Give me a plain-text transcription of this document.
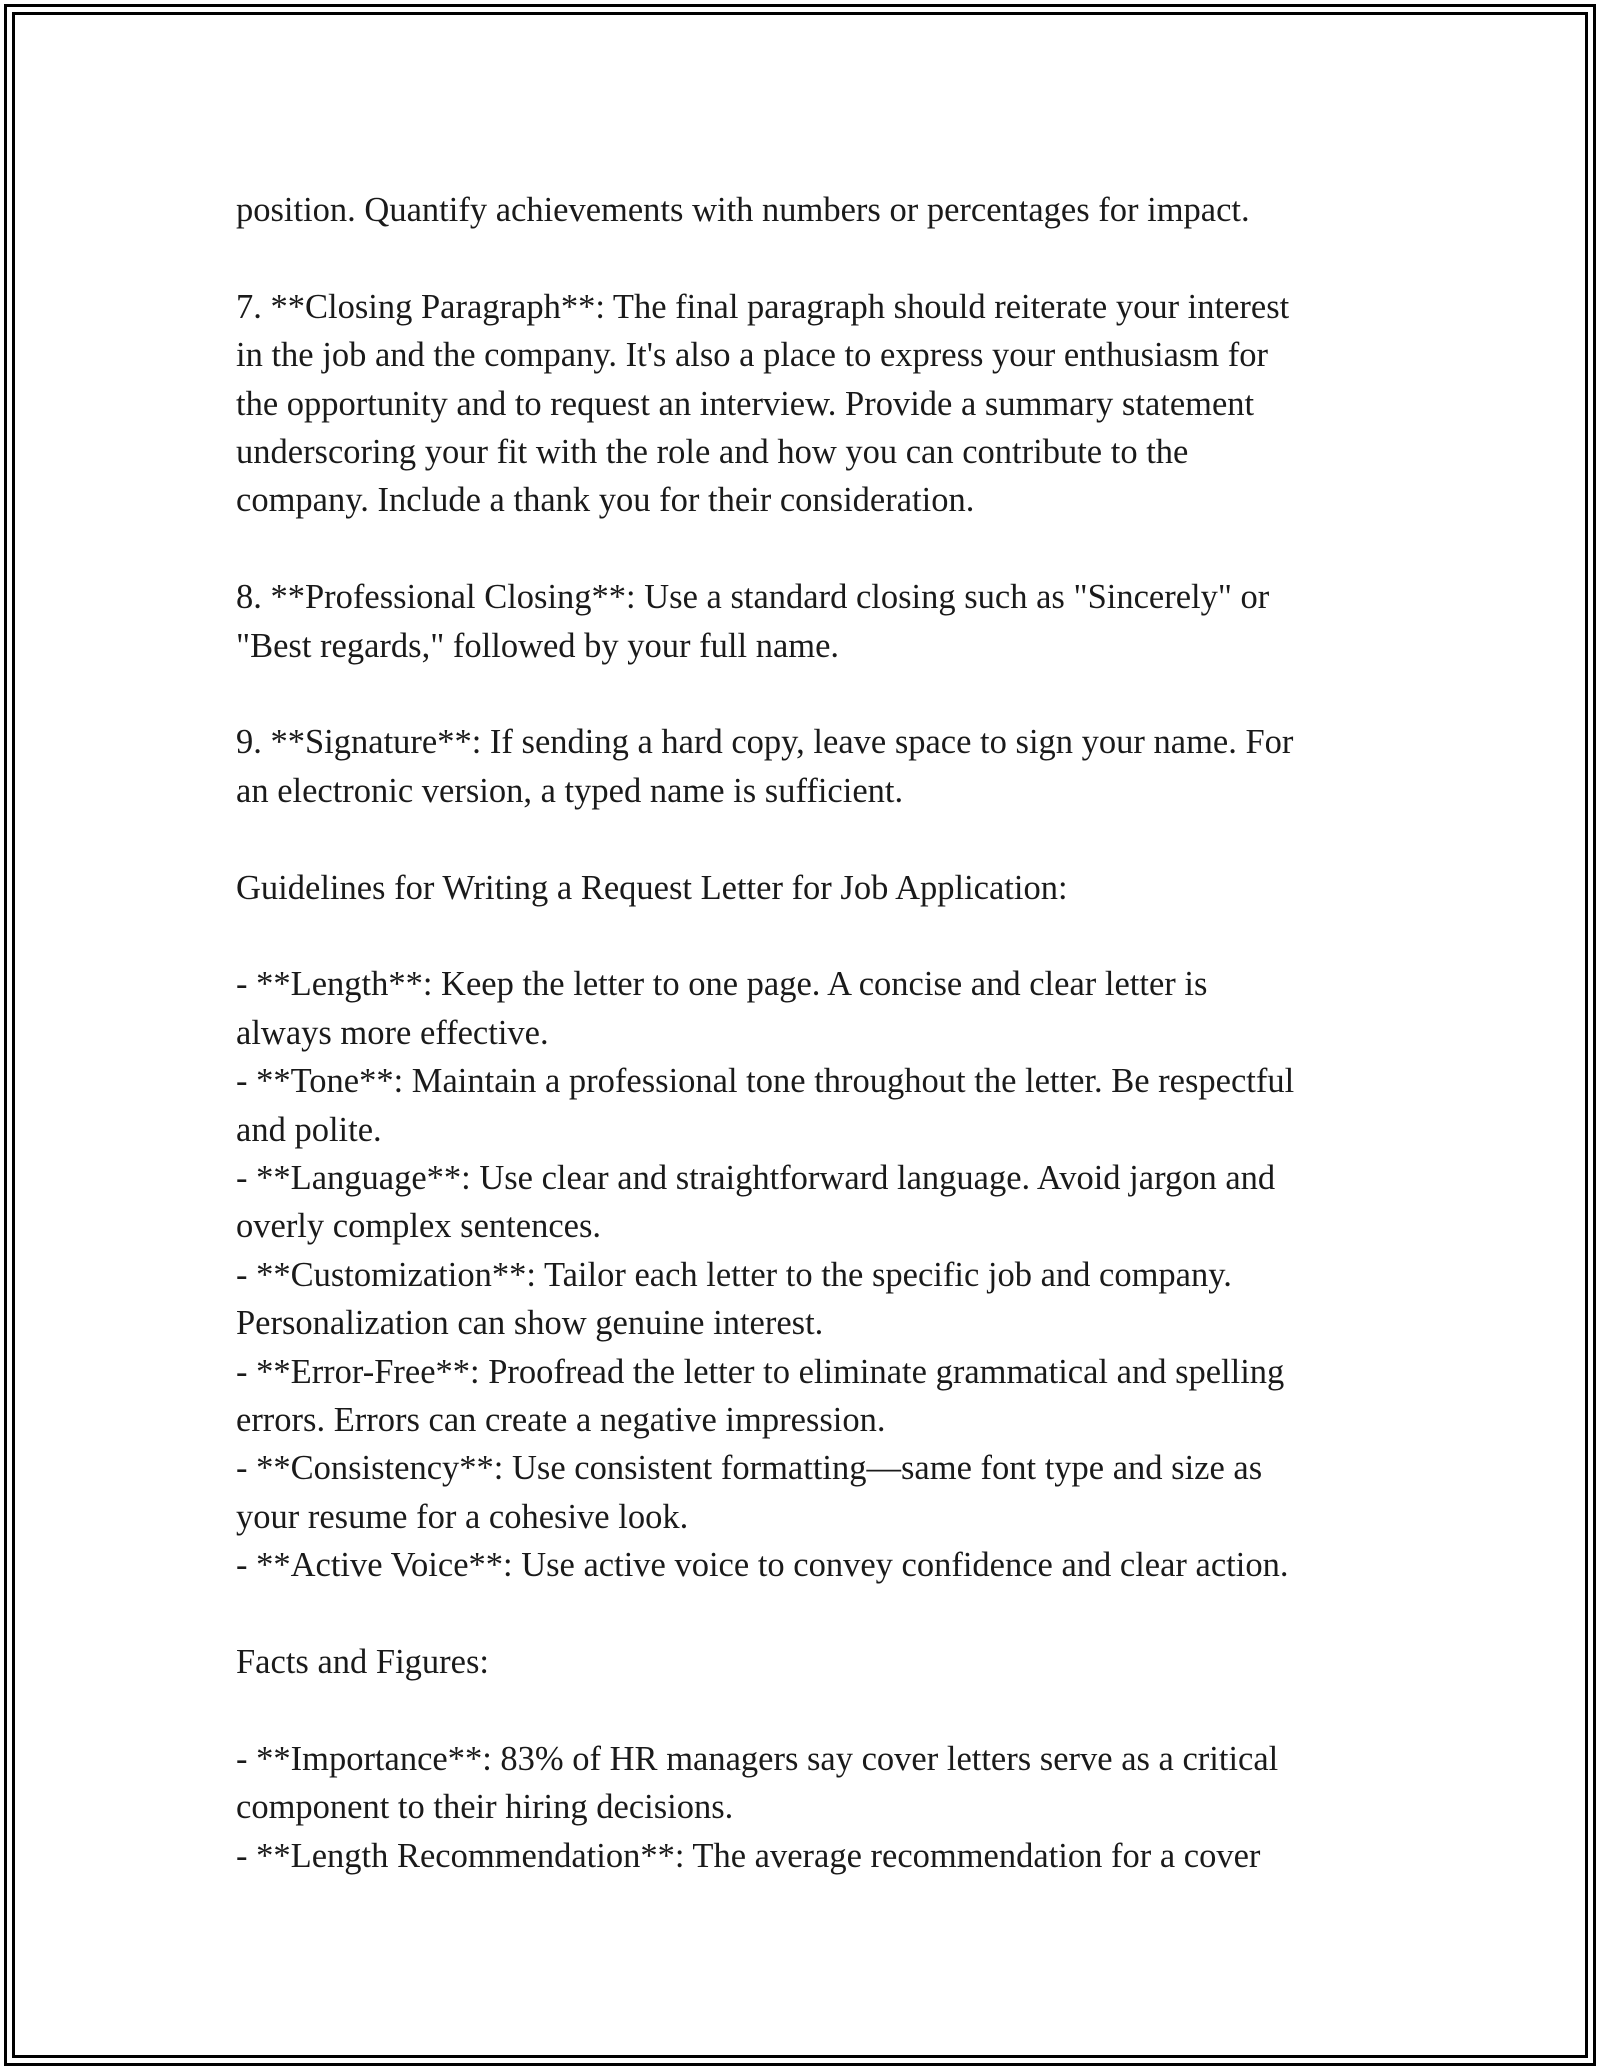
position. Quantify achievements with numbers or percentages for impact.

7. **Closing Paragraph**: The final paragraph should reiterate your interest
in the job and the company. It's also a place to express your enthusiasm for
the opportunity and to request an interview. Provide a summary statement
underscoring your fit with the role and how you can contribute to the
company. Include a thank you for their consideration.

8. **Professional Closing**: Use a standard closing such as "Sincerely" or
"Best regards," followed by your full name.

9. **Signature**: If sending a hard copy, leave space to sign your name. For
an electronic version, a typed name is sufficient.

Guidelines for Writing a Request Letter for Job Application:

- **Length**: Keep the letter to one page. A concise and clear letter is
always more effective.
- **Tone**: Maintain a professional tone throughout the letter. Be respectful
and polite.
- **Language**: Use clear and straightforward language. Avoid jargon and
overly complex sentences.
- **Customization**: Tailor each letter to the specific job and company.
Personalization can show genuine interest.
- **Error-Free**: Proofread the letter to eliminate grammatical and spelling
errors. Errors can create a negative impression.
- **Consistency**: Use consistent formatting—same font type and size as
your resume for a cohesive look.
- **Active Voice**: Use active voice to convey confidence and clear action.

Facts and Figures:

- **Importance**: 83% of HR managers say cover letters serve as a critical
component to their hiring decisions.
- **Length Recommendation**: The average recommendation for a cover
